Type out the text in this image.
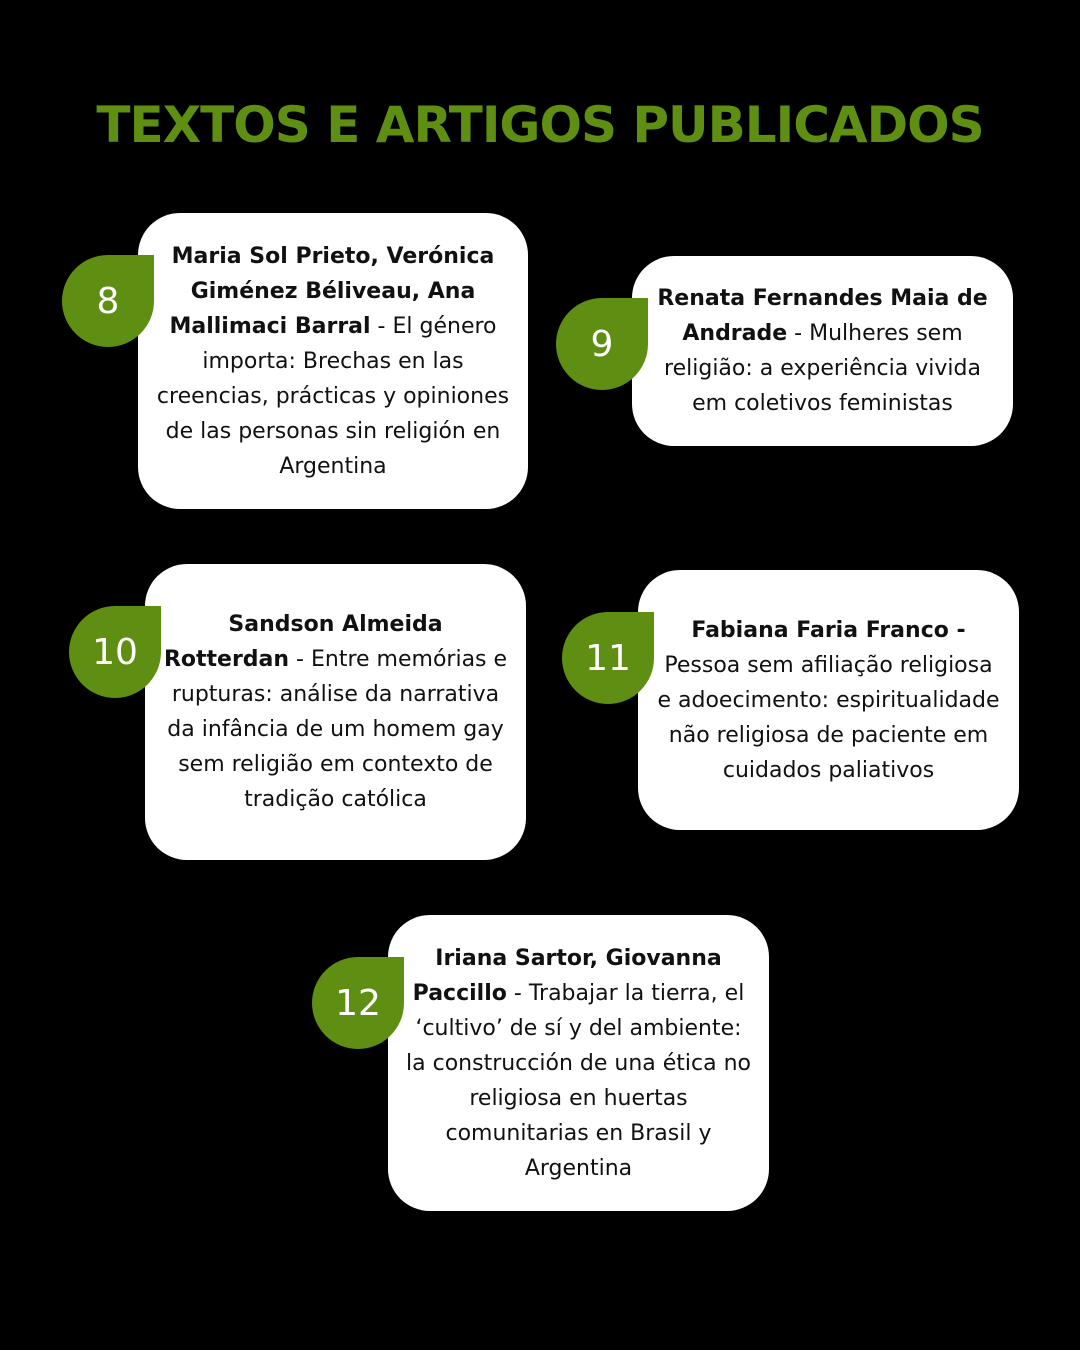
TEXTOS E ARTIGOS PUBLICADOS

Maria Sol Prieto, Verónica Giménez Béliveau, Ana Mallimaci Barral - El género importa: Brechas en las creencias, prácticas y opiniones de las personas sin religión en Argentina

8	Renata Fernandes Maia de Andrade - Mulheres sem religião: a experiência vivida em coletivos feministas

9

Sandson Almeida Rotterdan - Entre memórias e rupturas: análise da narrativa da infância de um homem gay sem religião em contexto de tradição católica

10

Fabiana Faria Franco - Pessoa sem afiliação religiosa e adoecimento: espiritualidade não religiosa de paciente em cuidados paliativos

11

Iriana Sartor, Giovanna Paccillo - Trabajar la tierra, el ‘cultivo’ de sí y del ambiente: la construcción de una ética no religiosa en huertas comunitarias en Brasil y Argentina

12
